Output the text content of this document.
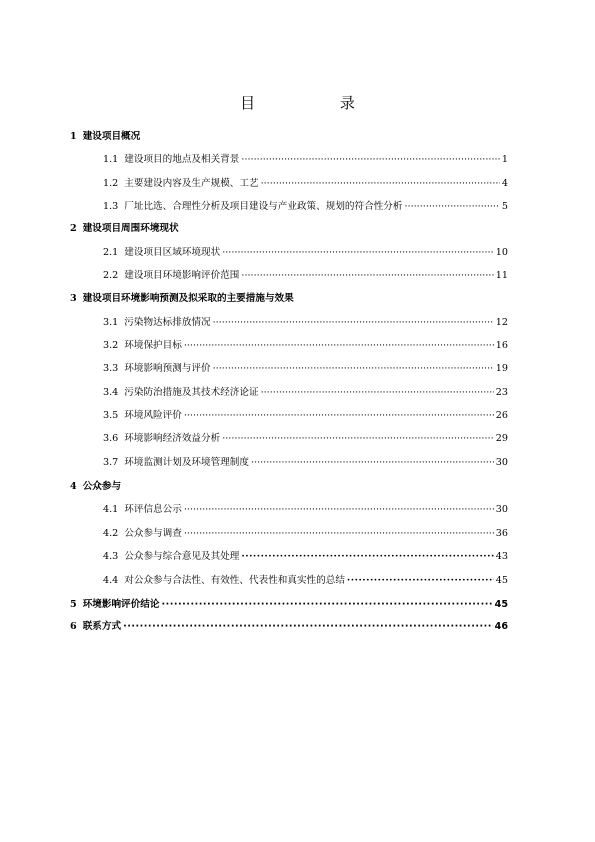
目 录
1 建设项目概况
1.1 建设项目的地点及相关背景 ·····	1
1.2 主要建设内容及生产规模、工艺 ·····	4
1.3 厂址比选、合理性分析及项目建设与产业政策、规划的符合性分析 ·····	5
2 建设项目周围环境现状
2.1 建设项目区域环境现状 ·····	10
2.2 建设项目环境影响评价范围 ·····	11
3 建设项目环境影响预测及拟采取的主要措施与效果
3.1 污染物达标排放情况 ·····	12
3.2 环境保护目标 ·····	16
3.3 环境影响预测与评价 ·····	19
3.4 污染防治措施及其技术经济论证 ·····	23
3.5 环境风险评价 ·····	26
3.6 环境影响经济效益分析 ·····	29
3.7 环境监测计划及环境管理制度 ·····	30
4 公众参与
4.1 环评信息公示 ·····	30
4.2 公众参与调查 ·····	36
4.3 公众参与综合意见及其处理 ·····	43
4.4 对公众参与合法性、有效性、代表性和真实性的总结 ·····	45
5 环境影响评价结论 ·····	45
6 联系方式 ·····	46
